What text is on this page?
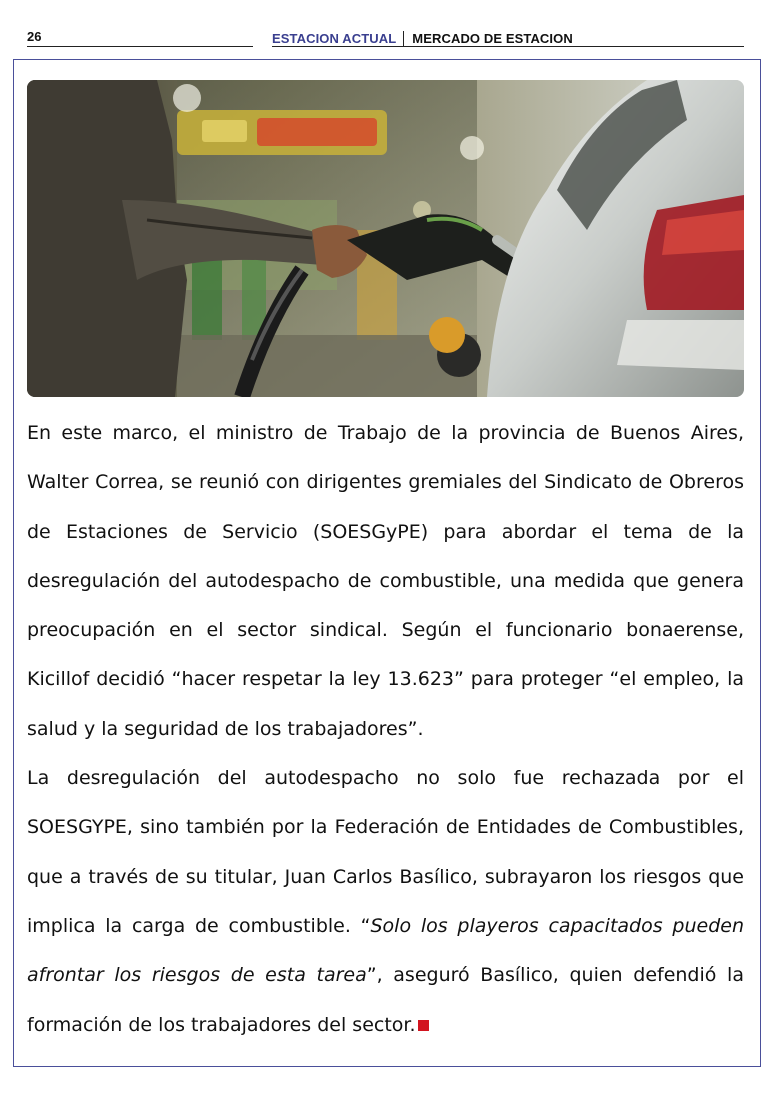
26	ESTACION ACTUAL MERCADO DE ESTACION

En este marco, el ministro de Trabajo de la provincia de Buenos Aires, Walter Correa, se reunió con dirigentes gremiales del Sindicato de Obreros de Estaciones de Servicio (SOESGyPE) para abordar el tema de la desregulación del autodespacho de combustible, una medida que genera preocupación en el sector sindical. Según el funcionario bonaerense, Kicillof decidió “hacer respetar la ley 13.623” para proteger “el empleo, la salud y la seguridad de los trabajadores”.

La desregulación del autodespacho no solo fue rechazada por el SOESGYPE, sino también por la Federación de Entidades de Combustibles, que a través de su titular, Juan Carlos Basílico, subrayaron los riesgos que implica la carga de combustible. “Solo los playeros capacitados pueden afrontar los riesgos de esta tarea”, aseguró Basílico, quien defendió la formación de los trabajadores del sector.
